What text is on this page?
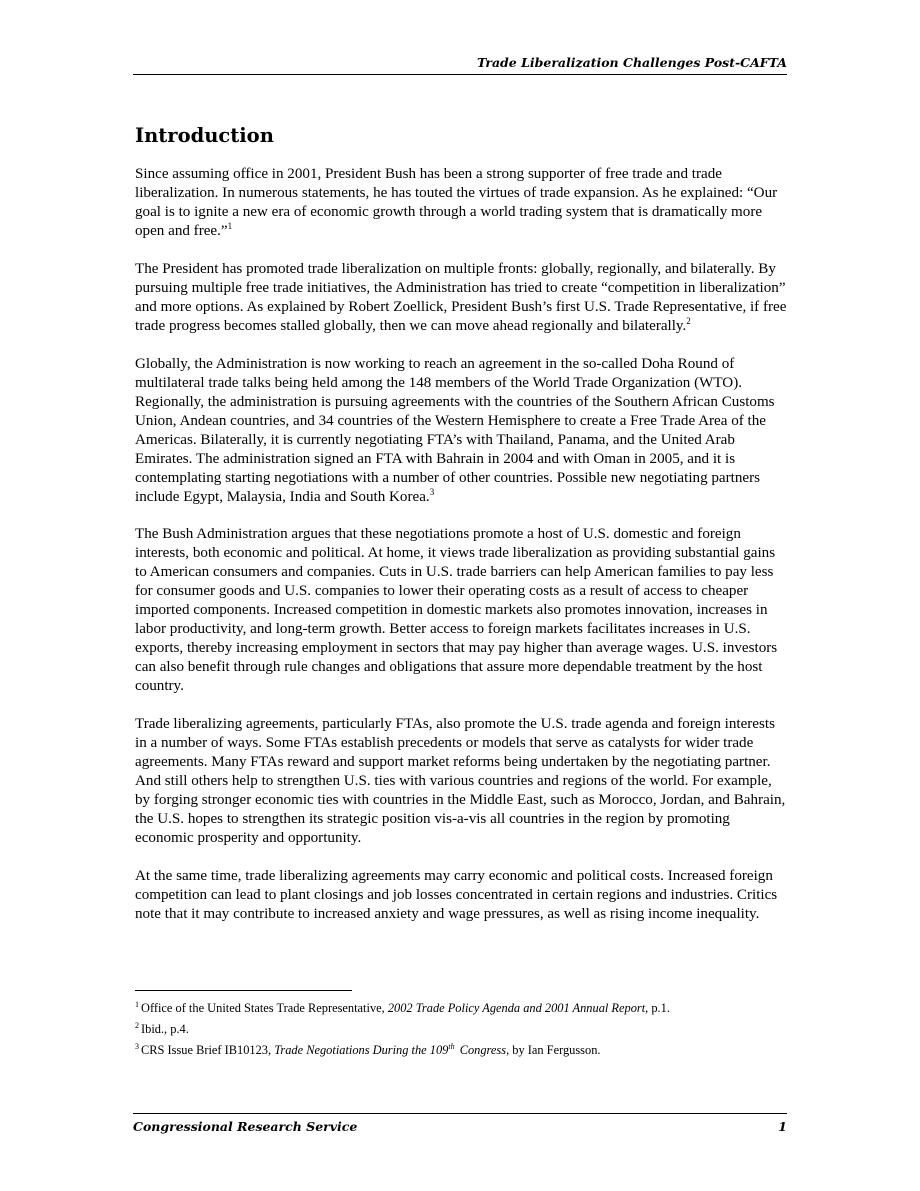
Trade Liberalization Challenges Post-CAFTA
Introduction

Since assuming office in 2001, President Bush has been a strong supporter of free trade and trade liberalization. In numerous statements, he has touted the virtues of trade expansion. As he explained: “Our goal is to ignite a new era of economic growth through a world trading system that is dramatically more open and free.”$^1$

The President has promoted trade liberalization on multiple fronts: globally, regionally, and bilaterally. By pursuing multiple free trade initiatives, the Administration has tried to create “competition in liberalization” and more options. As explained by Robert Zoellick, President Bush’s first U.S. Trade Representative, if free trade progress becomes stalled globally, then we can move ahead regionally and bilaterally.$^2$

Globally, the Administration is now working to reach an agreement in the so-called Doha Round of multilateral trade talks being held among the 148 members of the World Trade Organization (WTO). Regionally, the administration is pursuing agreements with the countries of the Southern African Customs Union, Andean countries, and 34 countries of the Western Hemisphere to create a Free Trade Area of the Americas. Bilaterally, it is currently negotiating FTA’s with Thailand, Panama, and the United Arab Emirates. The administration signed an FTA with Bahrain in 2004 and with Oman in 2005, and it is contemplating starting negotiations with a number of other countries. Possible new negotiating partners include Egypt, Malaysia, India and South Korea.$^3$

The Bush Administration argues that these negotiations promote a host of U.S. domestic and foreign interests, both economic and political. At home, it views trade liberalization as providing substantial gains to American consumers and companies. Cuts in U.S. trade barriers can help American families to pay less for consumer goods and U.S. companies to lower their operating costs as a result of access to cheaper imported components. Increased competition in domestic markets also promotes innovation, increases in labor productivity, and long-term growth. Better access to foreign markets facilitates increases in U.S. exports, thereby increasing employment in sectors that may pay higher than average wages. U.S. investors can also benefit through rule changes and obligations that assure more dependable treatment by the host country.

Trade liberalizing agreements, particularly FTAs, also promote the U.S. trade agenda and foreign interests in a number of ways. Some FTAs establish precedents or models that serve as catalysts for wider trade agreements. Many FTAs reward and support market reforms being undertaken by the negotiating partner. And still others help to strengthen U.S. ties with various countries and regions of the world. For example, by forging stronger economic ties with countries in the Middle East, such as Morocco, Jordan, and Bahrain, the U.S. hopes to strengthen its strategic position vis-a-vis all countries in the region by promoting economic prosperity and opportunity.

At the same time, trade liberalizing agreements may carry economic and political costs. Increased foreign competition can lead to plant closings and job losses concentrated in certain regions and industries. Critics note that it may contribute to increased anxiety and wage pressures, as well as rising income inequality.

$^1$ Office of the United States Trade Representative, 2002 Trade Policy Agenda and 2001 Annual Report, p.1.

$^2$ Ibid., p.4.

$^3$ CRS Issue Brief IB10123, Trade Negotiations During the 109th Congress, by Ian Fergusson.

Congressional Research Service	1
